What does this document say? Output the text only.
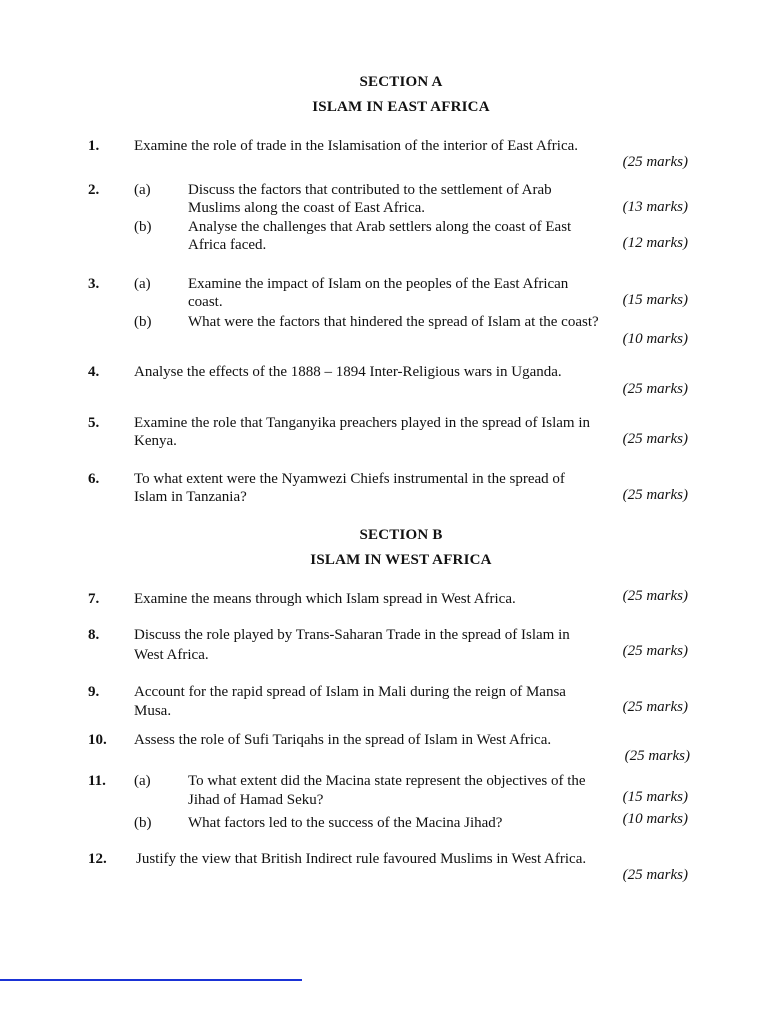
SECTION A
ISLAM IN EAST AFRICA
1. Examine the role of trade in the Islamisation of the interior of East Africa.
(25 marks)
2. (a) Discuss the factors that contributed to the settlement of Arab
Muslims along the coast of East Africa.	(13 marks)
(b) Analyse the challenges that Arab settlers along the coast of East
Africa faced.	(12 marks)
3. (a) Examine the impact of Islam on the peoples of the East African
coast.	(15 marks)
(b) What were the factors that hindered the spread of Islam at the coast?
(10 marks)
4. Analyse the effects of the 1888 – 1894 Inter-Religious wars in Uganda.
(25 marks)
5. Examine the role that Tanganyika preachers played in the spread of Islam in
Kenya.	(25 marks)
6. To what extent were the Nyamwezi Chiefs instrumental in the spread of
Islam in Tanzania?	(25 marks)
SECTION B
ISLAM IN WEST AFRICA
7. Examine the means through which Islam spread in West Africa.	(25 marks)
8. Discuss the role played by Trans-Saharan Trade in the spread of Islam in
West Africa.	(25 marks)
9. Account for the rapid spread of Islam in Mali during the reign of Mansa
Musa.	(25 marks)
10. Assess the role of Sufi Tariqahs in the spread of Islam in West Africa.
(25 marks)
11. (a) To what extent did the Macina state represent the objectives of the
Jihad of Hamad Seku?	(15 marks)
(b) What factors led to the success of the Macina Jihad?	(10 marks)
12. Justify the view that British Indirect rule favoured Muslims in West Africa.
(25 marks)
